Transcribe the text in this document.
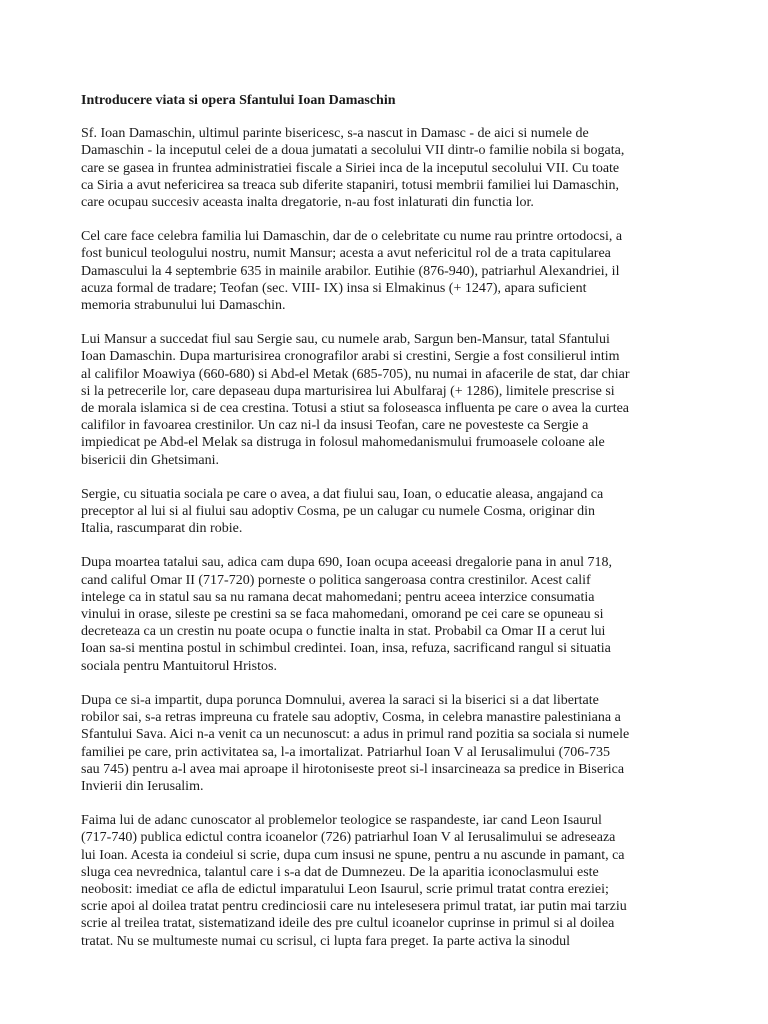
Introducere viata si opera Sfantului Ioan Damaschin
Sf. Ioan Damaschin, ultimul parinte bisericesc, s-a nascut in Damasc - de aici si numele de
Damaschin - la inceputul celei de a doua jumatati a secolului VII dintr-o familie nobila si bogata,
care se gasea in fruntea administratiei fiscale a Siriei inca de la inceputul secolului VII. Cu toate
ca Siria a avut nefericirea sa treaca sub diferite stapaniri, totusi membrii familiei lui Damaschin,
care ocupau succesiv aceasta inalta dregatorie, n-au fost inlaturati din functia lor.
Cel care face celebra familia lui Damaschin, dar de o celebritate cu nume rau printre ortodocsi, a
fost bunicul teologului nostru, numit Mansur; acesta a avut nefericitul rol de a trata capitularea
Damascului la 4 septembrie 635 in mainile arabilor. Eutihie (876-940), patriarhul Alexandriei, il
acuza formal de tradare; Teofan (sec. VIII- IX) insa si Elmakinus (+ 1247), apara suficient
memoria strabunului lui Damaschin.
Lui Mansur a succedat fiul sau Sergie sau, cu numele arab, Sargun ben-Mansur, tatal Sfantului
Ioan Damaschin. Dupa marturisirea cronografilor arabi si crestini, Sergie a fost consilierul intim
al califilor Moawiya (660-680) si Abd-el Metak (685-705), nu numai in afacerile de stat, dar chiar
si la petrecerile lor, care depaseau dupa marturisirea lui Abulfaraj (+ 1286), limitele prescrise si
de morala islamica si de cea crestina. Totusi a stiut sa foloseasca influenta pe care o avea la curtea
califilor in favoarea crestinilor. Un caz ni-l da insusi Teofan, care ne povesteste ca Sergie a
impiedicat pe Abd-el Melak sa distruga in folosul mahomedanismului frumoasele coloane ale
bisericii din Ghetsimani.
Sergie, cu situatia sociala pe care o avea, a dat fiului sau, Ioan, o educatie aleasa, angajand ca
preceptor al lui si al fiului sau adoptiv Cosma, pe un calugar cu numele Cosma, originar din
Italia, rascumparat din robie.
Dupa moartea tatalui sau, adica cam dupa 690, Ioan ocupa aceeasi dregalorie pana in anul 718,
cand califul Omar II (717-720) porneste o politica sangeroasa contra crestinilor. Acest calif
intelege ca in statul sau sa nu ramana decat mahomedani; pentru aceea interzice consumatia
vinului in orase, sileste pe crestini sa se faca mahomedani, omorand pe cei care se opuneau si
decreteaza ca un crestin nu poate ocupa o functie inalta in stat. Probabil ca Omar II a cerut lui
Ioan sa-si mentina postul in schimbul credintei. Ioan, insa, refuza, sacrificand rangul si situatia
sociala pentru Mantuitorul Hristos.
Dupa ce si-a impartit, dupa porunca Domnului, averea la saraci si la biserici si a dat libertate
robilor sai, s-a retras impreuna cu fratele sau adoptiv, Cosma, in celebra manastire palestiniana a
Sfantului Sava. Aici n-a venit ca un necunoscut: a adus in primul rand pozitia sa sociala si numele
familiei pe care, prin activitatea sa, l-a imortalizat. Patriarhul Ioan V al Ierusalimului (706-735
sau 745) pentru a-l avea mai aproape il hirotoniseste preot si-l insarcineaza sa predice in Biserica
Invierii din Ierusalim.
Faima lui de adanc cunoscator al problemelor teologice se raspandeste, iar cand Leon Isaurul
(717-740) publica edictul contra icoanelor (726) patriarhul Ioan V al Ierusalimului se adreseaza
lui Ioan. Acesta ia condeiul si scrie, dupa cum insusi ne spune, pentru a nu ascunde in pamant, ca
sluga cea nevrednica, talantul care i s-a dat de Dumnezeu. De la aparitia iconoclasmului este
neobosit: imediat ce afla de edictul imparatului Leon Isaurul, scrie primul tratat contra ereziei;
scrie apoi al doilea tratat pentru credinciosii care nu intelesesera primul tratat, iar putin mai tarziu
scrie al treilea tratat, sistematizand ideile des pre cultul icoanelor cuprinse in primul si al doilea
tratat. Nu se multumeste numai cu scrisul, ci lupta fara preget. Ia parte activa la sinodul
